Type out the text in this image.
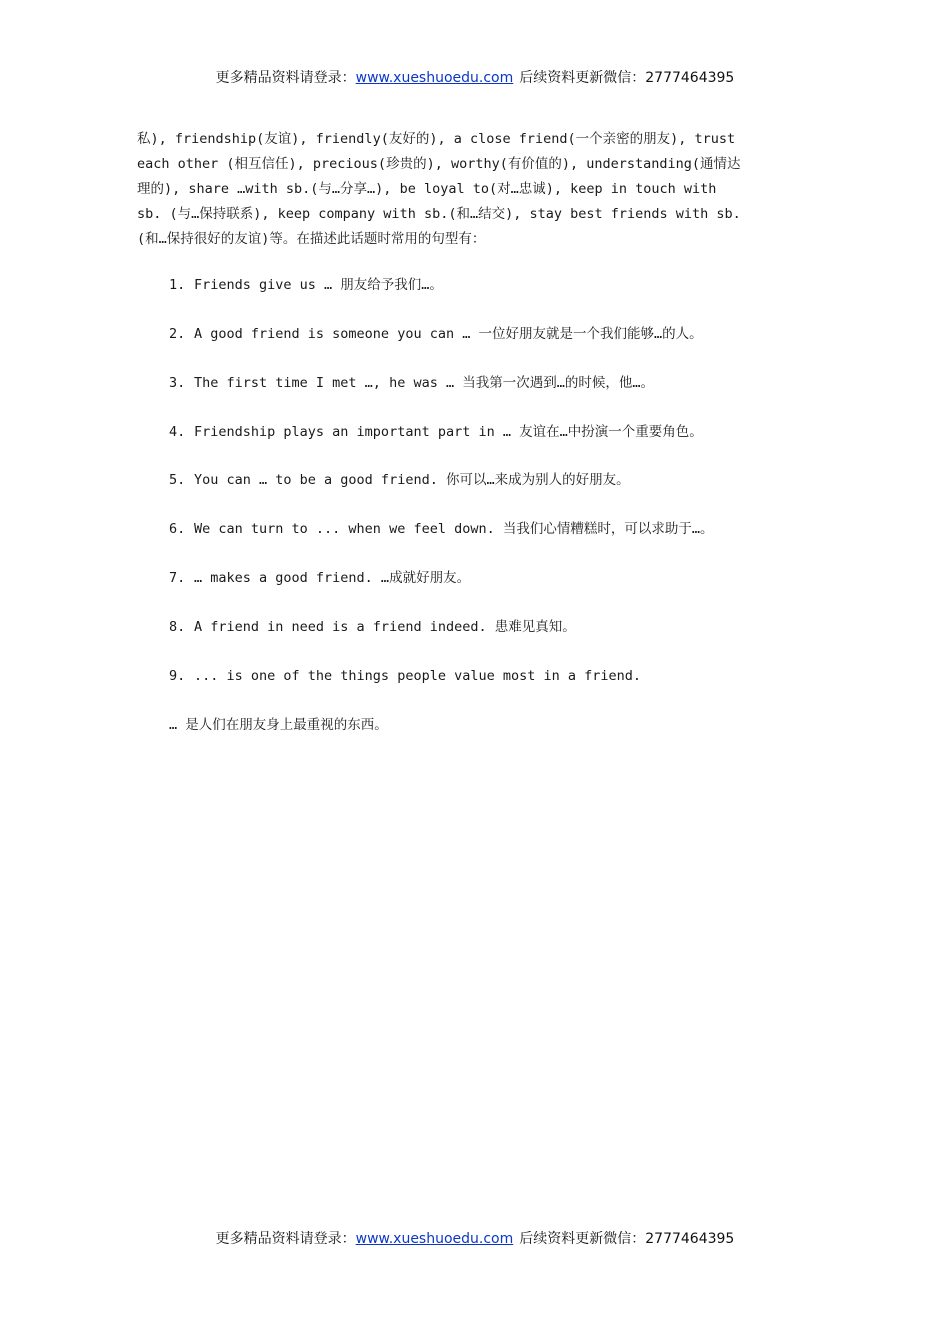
更多精品资料请登录：www.xueshuoedu.com 后续资料更新微信：2777464395

私), friendship(友谊), friendly(友好的), a close friend(一个亲密的朋友), trust
each other (相互信任), precious(珍贵的), worthy(有价值的), understanding(通情达
理的), share …with sb.(与…分享…), be loyal to(对…忠诚), keep in touch with
sb. (与…保持联系), keep company with sb.(和…结交), stay best friends with sb.
(和…保持很好的友谊)等。在描述此话题时常用的句型有：

1. Friends give us … 朋友给予我们…。
2. A good friend is someone you can … 一位好朋友就是一个我们能够…的人。
3. The first time I met …, he was … 当我第一次遇到…的时候，他…。
4. Friendship plays an important part in … 友谊在…中扮演一个重要角色。
5. You can … to be a good friend. 你可以…来成为别人的好朋友。
6. We can turn to ... when we feel down. 当我们心情糟糕时，可以求助于…。
7. … makes a good friend. …成就好朋友。
8. A friend in need is a friend indeed. 患难见真知。
9. ... is one of the things people value most in a friend.
… 是人们在朋友身上最重视的东西。
更多精品资料请登录：www.xueshuoedu.com 后续资料更新微信：2777464395
